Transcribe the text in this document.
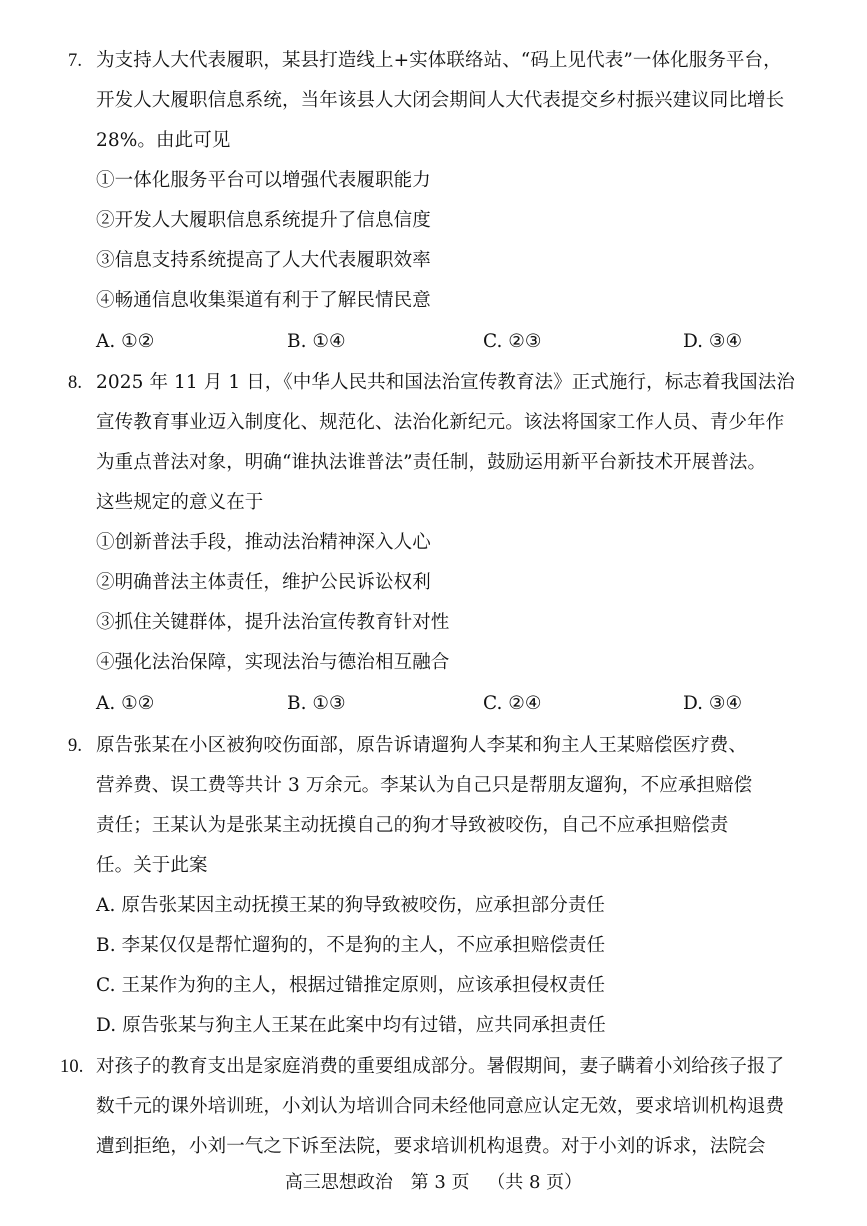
7. 为支持人大代表履职，某县打造线上+实体联络站、“码上见代表”一体化服务平台，
开发人大履职信息系统，当年该县人大闭会期间人大代表提交乡村振兴建议同比增长
28%。由此可见
①一体化服务平台可以增强代表履职能力
②开发人大履职信息系统提升了信息信度
③信息支持系统提高了人大代表履职效率
④畅通信息收集渠道有利于了解民情民意
A. ①②	B. ①④	C. ②③	D. ③④
8. 2025 年 11 月 1 日，《中华人民共和国法治宣传教育法》正式施行，标志着我国法治
宣传教育事业迈入制度化、规范化、法治化新纪元。该法将国家工作人员、青少年作
为重点普法对象，明确“谁执法谁普法”责任制，鼓励运用新平台新技术开展普法。
这些规定的意义在于
①创新普法手段，推动法治精神深入人心
②明确普法主体责任，维护公民诉讼权利
③抓住关键群体，提升法治宣传教育针对性
④强化法治保障，实现法治与德治相互融合
A. ①②	B. ①③	C. ②④	D. ③④
9. 原告张某在小区被狗咬伤面部，原告诉请遛狗人李某和狗主人王某赔偿医疗费、
营养费、误工费等共计 3 万余元。李某认为自己只是帮朋友遛狗，不应承担赔偿
责任；王某认为是张某主动抚摸自己的狗才导致被咬伤，自己不应承担赔偿责
任。关于此案
A. 原告张某因主动抚摸王某的狗导致被咬伤，应承担部分责任
B. 李某仅仅是帮忙遛狗的，不是狗的主人，不应承担赔偿责任
C. 王某作为狗的主人，根据过错推定原则，应该承担侵权责任
D. 原告张某与狗主人王某在此案中均有过错，应共同承担责任
10. 对孩子的教育支出是家庭消费的重要组成部分。暑假期间，妻子瞒着小刘给孩子报了
数千元的课外培训班，小刘认为培训合同未经他同意应认定无效，要求培训机构退费
遭到拒绝，小刘一气之下诉至法院，要求培训机构退费。对于小刘的诉求，法院会
高三思想政治 第 3 页 （共 8 页）
